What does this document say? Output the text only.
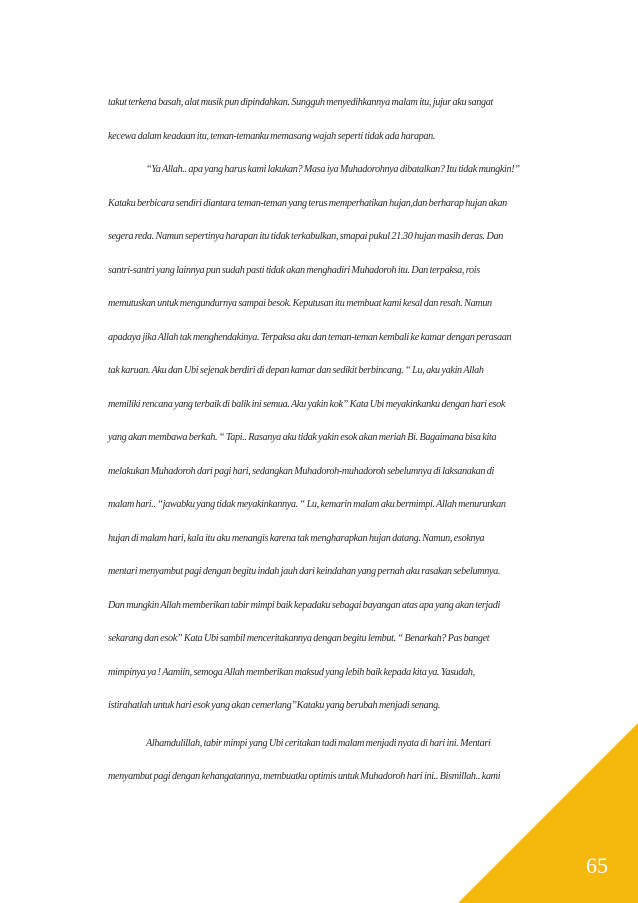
takut terkena basah, alat musik pun dipindahkan. Sungguh menyedihkannya malam itu, jujur aku sangat
kecewa dalam keadaan itu, teman-temanku memasang wajah seperti tidak ada harapan.
“Ya Allah.. apa yang harus kami lakukan? Masa iya Muhadorohnya dibatalkan? Itu tidak mungkin!”
Kataku berbicara sendiri diantara teman-teman yang terus memperhatikan hujan,dan berharap hujan akan
segera reda. Namun sepertinya harapan itu tidak terkabulkan, smapai pukul 21.30 hujan masih deras. Dan
santri-santri yang lainnya pun sudah pasti tidak akan menghadiri Muhadoroh itu. Dan terpaksa, rois
memutuskan untuk mengundurnya sampai besok. Keputusan itu membuat kami kesal dan resah. Namun
apadaya jika Allah tak menghendakinya. Terpaksa aku dan teman-teman kembali ke kamar dengan perasaan
tak karuan. Aku dan Ubi sejenak berdiri di depan kamar dan sedikit berbincang. “ Lu, aku yakin Allah
memiliki rencana yang terbaik di balik ini semua. Aku yakin kok” Kata Ubi meyakinkanku dengan hari esok
yang akan membawa berkah. “ Tapi.. Rasanya aku tidak yakin esok akan meriah Bi. Bagaimana bisa kita
melakukan Muhadoroh dari pagi hari, sedangkan Muhadoroh-muhadoroh sebelumnya di laksanakan di
malam hari.. “jawabku yang tidak meyakinkannya. “ Lu, kemarin malam aku bermimpi. Allah menurunkan
hujan di malam hari, kala itu aku menangis karena tak mengharapkan hujan datang. Namun, esoknya
mentari menyambut pagi dengan begitu indah jauh dari keindahan yang pernah aku rasakan sebelumnya.
Dan mungkin Allah memberikan tabir mimpi baik kepadaku sebagai bayangan atas apa yang akan terjadi
sekarang dan esok” Kata Ubi sambil menceritakannya dengan begitu lembut. “ Benarkah? Pas banget
mimpinya ya ! Aamiin, semoga Allah memberikan maksud yang lebih baik kepada kita ya. Yasudah,
istirahatlah untuk hari esok yang akan cemerlang”Kataku yang berubah menjadi senang.
Alhamdulillah, tabir mimpi yang Ubi ceritakan tadi malam menjadi nyata di hari ini. Mentari
menyambut pagi dengan kehangatannya, membuatku optimis untuk Muhadoroh hari ini.. Bismillah.. kami
65
